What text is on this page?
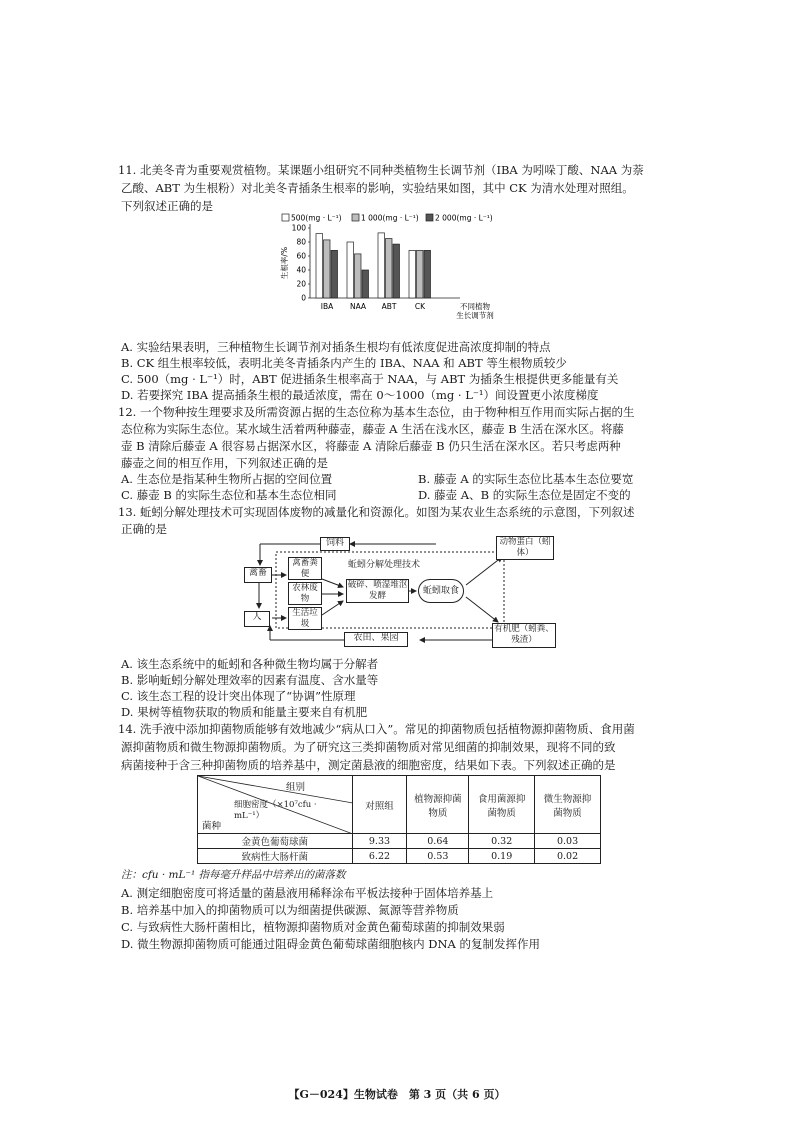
11. 北美冬青为重要观赏植物。某课题小组研究不同种类植物生长调节剂（IBA 为吲哚丁酸、NAA 为萘
乙酸、ABT 为生根粉）对北美冬青插条生根率的影响，实验结果如图，其中 CK 为清水处理对照组。
下列叙述正确的是
500(mg · L⁻¹)	1 000(mg · L⁻¹) 2 000(mg · L⁻¹)
0
20
40
60
80
100
生根率/%
IBA NAA ABT CK	不同植物
生长调节剂
A. 实验结果表明，三种植物生长调节剂对插条生根均有低浓度促进高浓度抑制的特点
B. CK 组生根率较低，表明北美冬青插条内产生的 IBA、NAA 和 ABT 等生根物质较少
C. 500（mg · L⁻¹）时，ABT 促进插条生根率高于 NAA，与 ABT 为插条生根提供更多能量有关
D. 若要探究 IBA 提高插条生根的最适浓度，需在 0～1000（mg · L⁻¹）间设置更小浓度梯度
12. 一个物种按生理要求及所需资源占据的生态位称为基本生态位，由于物种相互作用而实际占据的生
态位称为实际生态位。某水域生活着两种藤壶，藤壶 A 生活在浅水区，藤壶 B 生活在深水区。将藤
壶 B 清除后藤壶 A 很容易占据深水区，将藤壶 A 清除后藤壶 B 仍只生活在深水区。若只考虑两种
藤壶之间的相互作用，下列叙述正确的是
A. 生态位是指某种生物所占据的空间位置	B. 藤壶 A 的实际生态位比基本生态位要宽
C. 藤壶 B 的实际生态位和基本生态位相同	D. 藤壶 A、B 的实际生态位是固定不变的
13. 蚯蚓分解处理技术可实现固体废物的减量化和资源化。如图为某农业生态系统的示意图，下列叙述
正确的是
饲料	动物蛋白（蚓体）
禽畜
禽畜粪便
农林废物
生活垃圾
蚯蚓分解处理技术
破碎、喷湿堆沤发酵	蚯蚓取食
人
农田、果园
有机肥（蚓粪、残渣）
A. 该生态系统中的蚯蚓和各种微生物均属于分解者
B. 影响蚯蚓分解处理效率的因素有温度、含水量等
C. 该生态工程的设计突出体现了“协调”性原理
D. 果树等植物获取的物质和能量主要来自有机肥
14. 洗手液中添加抑菌物质能够有效地减少“病从口入”。常见的抑菌物质包括植物源抑菌物质、食用菌
源抑菌物质和微生物源抑菌物质。为了研究这三类抑菌物质对常见细菌的抑制效果，现将不同的致
病菌接种于含三种抑菌物质的培养基中，测定菌悬液的细胞密度，结果如下表。下列叙述正确的是
组别
细胞密度（×10⁷cfu · mL⁻¹）
菌种	对照组	植物源抑菌物质	食用菌源抑菌物质	微生物源抑菌物质
金黄色葡萄球菌	9.33	0.64	0.32	0.03
致病性大肠杆菌	6.22	0.53	0.19	0.02
注：cfu · mL⁻¹ 指每毫升样品中培养出的菌落数
A. 测定细胞密度可将适量的菌悬液用稀释涂布平板法接种于固体培养基上
B. 培养基中加入的抑菌物质可以为细菌提供碳源、氮源等营养物质
C. 与致病性大肠杆菌相比，植物源抑菌物质对金黄色葡萄球菌的抑制效果弱
D. 微生物源抑菌物质可能通过阻碍金黄色葡萄球菌细胞核内 DNA 的复制发挥作用
【G－024】生物试卷　第 3 页（共 6 页）
